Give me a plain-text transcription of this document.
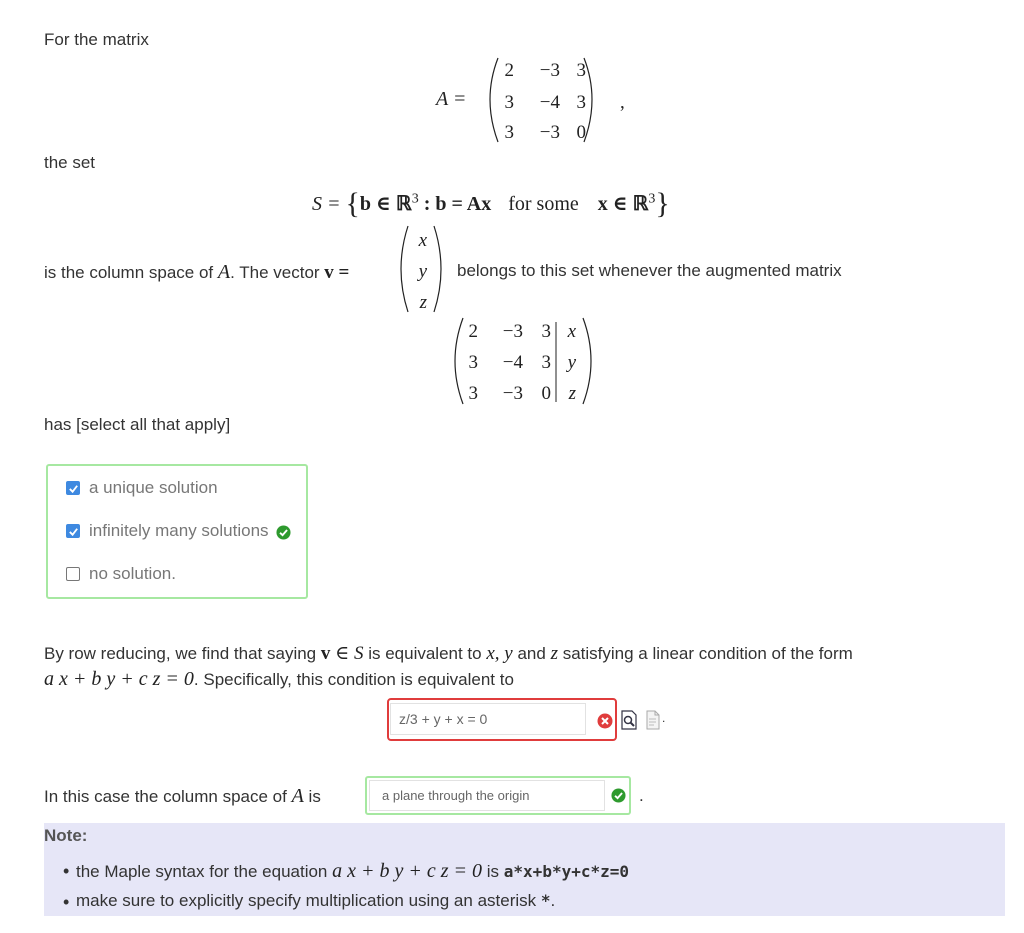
For the matrix
A =
2 −3 3
3 −4 3
3 −3 0
,
the set
S = {b ∈ ℝ$^3$ : b = Ax for some x ∈ ℝ$^3$}
is the column space of A. The vector v =
x
y
z
belongs to this set whenever the augmented matrix
2 −3 3 x
3 −4 3 y
3 −3 0 z
has [select all that apply]
a unique solution
infinitely many solutions
no solution.
By row reducing, we find that saying v ∈ S is equivalent to x, y and z satisfying a linear condition of the form
a x + b y + c z = 0. Specifically, this condition is equivalent to
z/3 + y + x = 0	.
In this case the column space of A is	a plane through the origin	.
Note:
• the Maple syntax for the equation a x + b y + c z = 0 is a*x+b*y+c*z=0
• make sure to explicitly specify multiplication using an asterisk *.
